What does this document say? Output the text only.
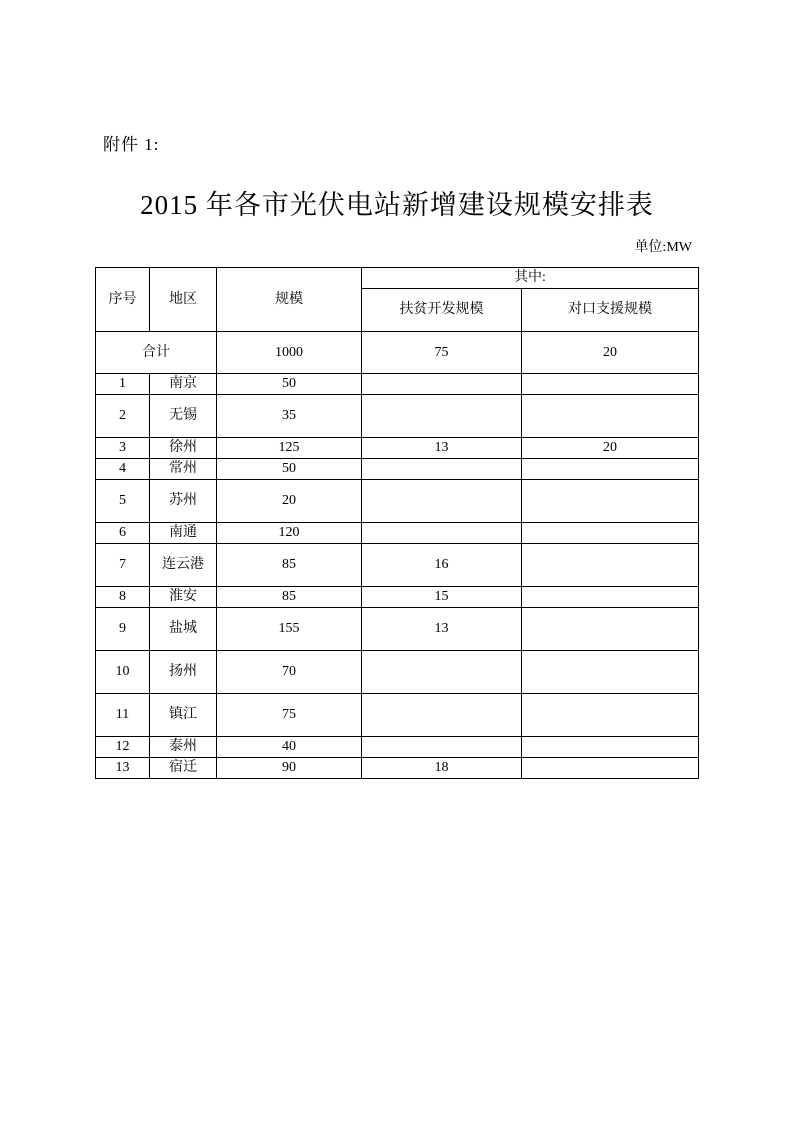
附件 1:
2015 年各市光伏电站新增建设规模安排表
单位:MW
序号	地区	规模	其中:	
			扶贫开发规模	对口支援规模
合计		1000	75	20
1	南京	50		
2	无锡	35		
3	徐州	125	13	20
4	常州	50		
5	苏州	20		
6	南通	120		
7	连云港	85	16	
8	淮安	85	15	
9	盐城	155	13	
10	扬州	70		
11	镇江	75		
12	泰州	40		
13	宿迁	90	18	
